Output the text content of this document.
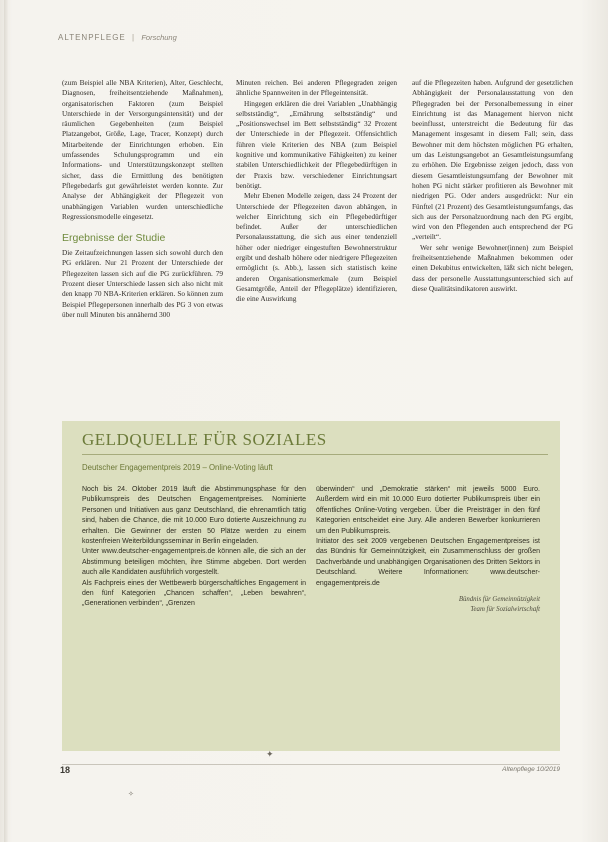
ALTENPFLEGE | Forschung

(zum Beispiel alle NBA Kriterien), Alter, Geschlecht, Diagnosen, freiheitsentziehende Maßnahmen), organisatorischen Faktoren (zum Beispiel Unterschiede in der Versorgungsintensität) und der räumlichen Gegebenheiten (zum Beispiel Platzangebot, Größe, Lage, Tracer, Konzept) durch Mitarbeitende der Einrichtungen erhoben. Ein umfassendes Schulungsprogramm und ein Informations- und Unterstützungskonzept stellten sicher, dass die Ermittlung des benötigten Pflegebedarfs gut gewährleistet werden konnte. Zur Analyse der Abhängigkeit der Pflegezeit von unabhängigen Variablen wurden unterschiedliche Regressionsmodelle eingesetzt.

Ergebnisse der Studie

Die Zeitaufzeichnungen lassen sich sowohl durch den PG erklären. Nur 21 Prozent der Unterschiede der Pflegezeiten lassen sich auf die PG zurückführen. 79 Prozent dieser Unterschiede lassen sich also nicht mit den knapp 70 NBA-Kriterien erklären. So können zum Beispiel Pflegepersonen innerhalb des PG 3 von etwas über null Minuten bis annähernd 300

Minuten reichen. Bei anderen Pflegegraden zeigen ähnliche Spannweiten in der Pflegeintensität.

Hingegen erklären die drei Variablen „Unabhängig selbstständig“, „Ernährung selbstständig“ und „Positionswechsel im Bett selbstständig“ 32 Prozent der Unterschiede in der Pflegezeit. Offensichtlich führen viele Kriterien des NBA (zum Beispiel kognitive und kommunikative Fähigkeiten) zu keiner stabilen Unterschiedlichkeit der Pflegebedürftigen in der Praxis bzw. verschiedener Einrichtungsart benötigt.

Mehr Ebenen Modelle zeigen, dass 24 Prozent der Unterschiede der Pflegezeiten davon abhängen, in welcher Einrichtung sich ein Pflegebedürftiger befindet. Außer der unterschiedlichen Personalausstattung, die sich aus einer tendenziell höher oder niedriger eingestuften Bewohnerstruktur ergibt und deshalb höhere oder niedrigere Pflegezeiten ermöglicht (s. Abb.), lassen sich statistisch keine anderen Organisationsmerkmale (zum Beispiel Gesamtgröße, Anteil der Pflegeplätze) identifizieren, die eine Auswirkung

auf die Pflegezeiten haben. Aufgrund der gesetzlichen Abhängigkeit der Personalausstattung von den Pflegegraden bei der Personalbemessung in einer Einrichtung ist das Management hiervon nicht beeinflusst, unterstreicht die Bedeutung für das Management insgesamt in diesem Fall; sein, dass Bewohner mit dem höchsten möglichen PG erhalten, um das Leistungsangebot an Gesamtleistungsumfang zu erhöhen. Die Ergebnisse zeigen jedoch, dass von diesem Gesamtleistungsumfang der Bewohner mit hohen PG nicht stärker profitieren als Bewohner mit niedrigen PG. Oder anders ausgedrückt: Nur ein Fünftel (21 Prozent) des Gesamtleistungsumfangs, das sich aus der Personalzuordnung nach den PG ergibt, wird von den Pflegenden auch entsprechend der PG „verteilt“.

Wer sehr wenige Bewohner(innen) zum Beispiel freiheitsentziehende Maßnahmen bekommen oder einen Dekubitus entwickelten, läßt sich nicht belegen, dass der personelle Ausstattungsunterschied sich auf diese Qualitätsindikatoren auswirkt.

GELDQUELLE FÜR SOZIALES
Deutscher Engagementpreis 2019 – Online-Voting läuft

Noch bis 24. Oktober 2019 läuft die Abstimmungsphase für den Publikumspreis des Deutschen Engagementpreises. Nominierte Personen und Initiativen aus ganz Deutschland, die ehrenamtlich tätig sind, haben die Chance, die mit 10.000 Euro dotierte Auszeichnung zu erhalten. Die Gewinner der ersten 50 Plätze werden zu einem kostenfreien Weiterbildungsseminar in Berlin eingeladen.

Unter www.deutscher-engagementpreis.de können alle, die sich an der Abstimmung beteiligen möchten, ihre Stimme abgeben. Dort werden auch alle Kandidaten ausführlich vorgestellt.

Als Fachpreis eines der Wettbewerb bürgerschaftliches Engagement in den fünf Kategorien „Chancen schaffen“, „Leben bewahren“, „Generationen verbinden“, „Grenzen

überwinden“ und „Demokratie stärken“ mit jeweils 5000 Euro. Außerdem wird ein mit 10.000 Euro dotierter Publikumspreis über ein öffentliches Online-Voting vergeben. Über die Preisträger in den fünf Kategorien entscheidet eine Jury. Alle anderen Bewerber konkurrieren um den Publikumspreis.

Initiator des seit 2009 vergebenen Deutschen Engagementpreises ist das Bündnis für Gemeinnützigkeit, ein Zusammenschluss der großen Dachverbände und unabhängigen Organisationen des Dritten Sektors in Deutschland. Weitere Informationen: www.deutscher-engagementpreis.de

Bündnis für Gemeinnützigkeit
Team für Sozialwirtschaft
✦
✧
18	Altenpflege 10/2019
